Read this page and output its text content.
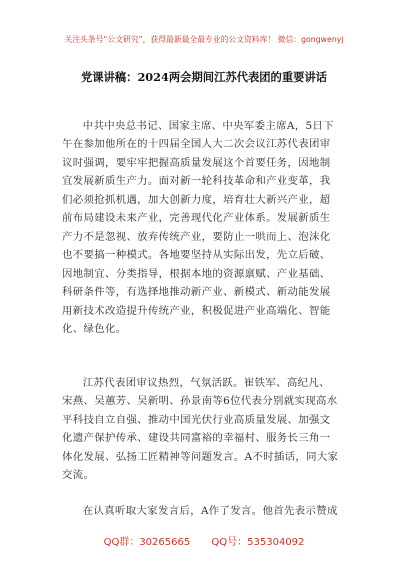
关注头条号“公文研究”，获得最新最全最专业的公文资料库！ 微信：gongwenyj
党课讲稿：2024两会期间江苏代表团的重要讲话
中共中央总书记、国家主席、中央军委主席A，5日下
午在参加他所在的十四届全国人大二次会议江苏代表团审
议时强调，要牢牢把握高质量发展这个首要任务，因地制
宜发展新质生产力。面对新一轮科技革命和产业变革，我
们必须抢抓机遇，加大创新力度，培育壮大新兴产业，超
前布局建设未来产业，完善现代化产业体系。发展新质生
产力不是忽视、放弃传统产业，要防止一哄而上、泡沫化
也不要搞一种模式。各地要坚持从实际出发，先立后破、
因地制宜、分类指导，根据本地的资源禀赋、产业基础、
科研条件等，有选择地推动新产业、新模式、新动能发展
用新技术改造提升传统产业，积极促进产业高端化、智能
化、绿色化。
江苏代表团审议热烈，气氛活跃。崔铁军、高纪凡、
宋燕、吴蕙芳、吴新明、孙景南等6位代表分别就实现高水
平科技自立自强、推动中国光伏行业高质量发展、加强文
化遗产保护传承、建设共同富裕的幸福村、服务长三角一
体化发展、弘扬工匠精神等问题发言。A不时插话，同大家
交流。
在认真听取大家发言后，A作了发言。他首先表示赞成
QQ群：30265665 QQ号：535304092
